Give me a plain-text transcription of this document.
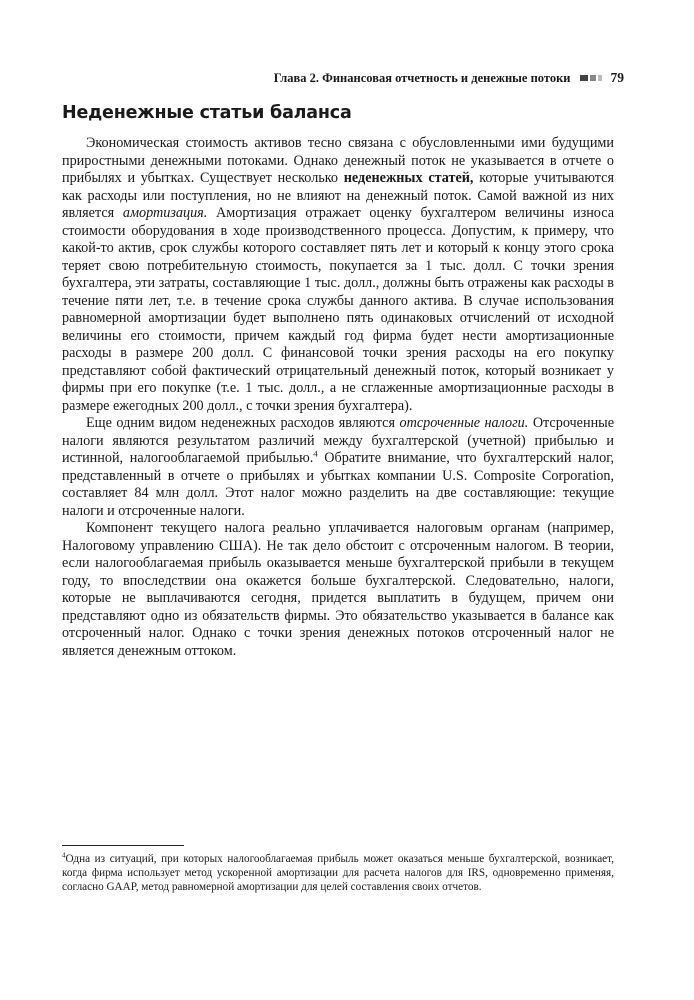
Глава 2. Финансовая отчетность и денежные потоки	79
Неденежные статьи баланса

Экономическая стоимость активов тесно связана с обусловленными ими будущими приростными денежными потоками. Однако денежный поток не указывается в отчете о прибылях и убытках. Существует несколько неденежных статей, которые учитываются как расходы или поступления, но не влияют на денежный поток. Самой важной из них является амортизация. Амортизация отражает оценку бухгалтером величины износа стоимости оборудования в ходе производственного процесса. Допустим, к примеру, что какой-то актив, срок службы которого составляет пять лет и который к концу этого срока теряет свою потребительную стоимость, покупается за 1 тыс. долл. С точки зрения бухгалтера, эти затраты, составляющие 1 тыс. долл., должны быть отражены как расходы в течение пяти лет, т.е. в течение срока службы данного актива. В случае использования равномерной амортизации будет выполнено пять одинаковых отчислений от исходной величины его стоимости, причем каждый год фирма будет нести амортизационные расходы в размере 200 долл. С финансовой точки зрения расходы на его покупку представляют собой фактический отрицательный денежный поток, который возникает у фирмы при его покупке (т.е. 1 тыс. долл., а не сглаженные амортизационные расходы в размере ежегодных 200 долл., с точки зрения бухгалтера).

Еще одним видом неденежных расходов являются отсроченные налоги. Отсроченные налоги являются результатом различий между бухгалтерской (учетной) прибылью и истинной, налогооблагаемой прибылью.$^4$ Обратите внимание, что бухгалтерский налог, представленный в отчете о прибылях и убытках компании U.S. Composite Corporation, составляет 84 млн долл. Этот налог можно разделить на две составляющие: текущие налоги и отсроченные налоги.

Компонент текущего налога реально уплачивается налоговым органам (например, Налоговому управлению США). Не так дело обстоит с отсроченным налогом. В теории, если налогооблагаемая прибыль оказывается меньше бухгалтерской прибыли в текущем году, то впоследствии она окажется больше бухгалтерской. Следовательно, налоги, которые не выплачиваются сегодня, придется выплатить в будущем, причем они представляют одно из обязательств фирмы. Это обязательство указывается в балансе как отсроченный налог. Однако с точки зрения денежных потоков отсроченный налог не является денежным оттоком.

$^4$Одна из ситуаций, при которых налогооблагаемая прибыль может оказаться меньше бухгалтерской, возникает, когда фирма использует метод ускоренной амортизации для расчета налогов для IRS, одновременно применяя, согласно GAAP, метод равномерной амортизации для целей составления своих отчетов.
